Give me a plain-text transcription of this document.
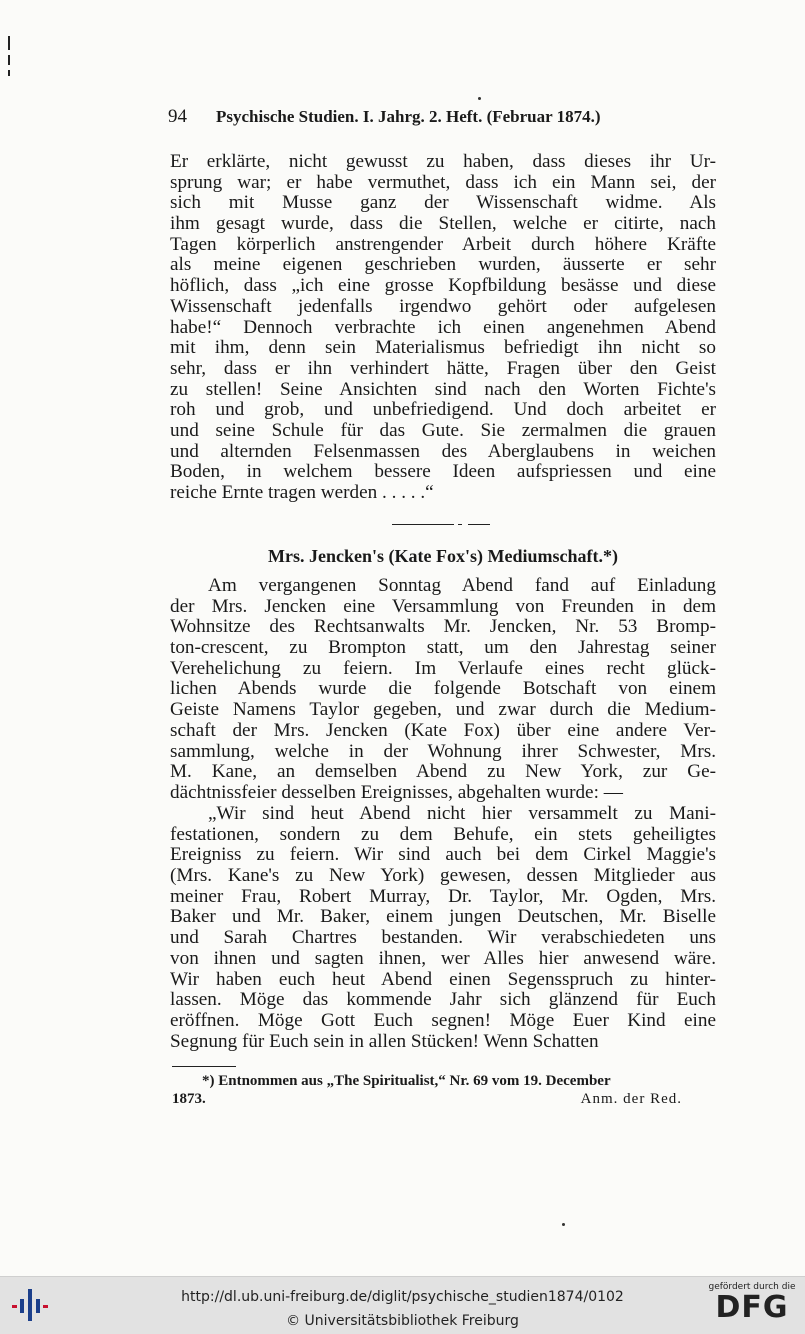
94 Psychische Studien. I. Jahrg. 2. Heft. (Februar 1874.)
Er erklärte, nicht gewusst zu haben, dass dieses ihr Ur-
sprung war; er habe vermuthet, dass ich ein Mann sei, der
sich mit Musse ganz der Wissenschaft widme. Als
ihm gesagt wurde, dass die Stellen, welche er citirte, nach
Tagen körperlich anstrengender Arbeit durch höhere Kräfte
als meine eigenen geschrieben wurden, äusserte er sehr
höflich, dass „ich eine grosse Kopfbildung besässe und diese
Wissenschaft jedenfalls irgendwo gehört oder aufgelesen
habe!“ Dennoch verbrachte ich einen angenehmen Abend
mit ihm, denn sein Materialismus befriedigt ihn nicht so
sehr, dass er ihn verhindert hätte, Fragen über den Geist
zu stellen! Seine Ansichten sind nach den Worten Fichte's
roh und grob, und unbefriedigend. Und doch arbeitet er
und seine Schule für das Gute. Sie zermalmen die grauen
und alternden Felsenmassen des Aberglaubens in weichen
Boden, in welchem bessere Ideen aufspriessen und eine
reiche Ernte tragen werden . . . . .“
Mrs. Jencken's (Kate Fox's) Mediumschaft.*)
Am vergangenen Sonntag Abend fand auf Einladung
der Mrs. Jencken eine Versammlung von Freunden in dem
Wohnsitze des Rechtsanwalts Mr. Jencken, Nr. 53 Bromp-
ton-crescent, zu Brompton statt, um den Jahrestag seiner
Verehelichung zu feiern. Im Verlaufe eines recht glück-
lichen Abends wurde die folgende Botschaft von einem
Geiste Namens Taylor gegeben, und zwar durch die Medium-
schaft der Mrs. Jencken (Kate Fox) über eine andere Ver-
sammlung, welche in der Wohnung ihrer Schwester, Mrs.
M. Kane, an demselben Abend zu New York, zur Ge-
dächtnissfeier desselben Ereignisses, abgehalten wurde: —
„Wir sind heut Abend nicht hier versammelt zu Mani-
festationen, sondern zu dem Behufe, ein stets geheiligtes
Ereigniss zu feiern. Wir sind auch bei dem Cirkel Maggie's
(Mrs. Kane's zu New York) gewesen, dessen Mitglieder aus
meiner Frau, Robert Murray, Dr. Taylor, Mr. Ogden, Mrs.
Baker und Mr. Baker, einem jungen Deutschen, Mr. Biselle
und Sarah Chartres bestanden. Wir verabschiedeten uns
von ihnen und sagten ihnen, wer Alles hier anwesend wäre.
Wir haben euch heut Abend einen Segensspruch zu hinter-
lassen. Möge das kommende Jahr sich glänzend für Euch
eröffnen. Möge Gott Euch segnen! Möge Euer Kind eine
Segnung für Euch sein in allen Stücken! Wenn Schatten
*) Entnommen aus „The Spiritualist,“ Nr. 69 vom 19. December
1873.	Anm. der Red.
http://dl.ub.uni-freiburg.de/diglit/psychische_studien1874/0102
© Universitätsbibliothek Freiburg
gefördert durch die
DFG
